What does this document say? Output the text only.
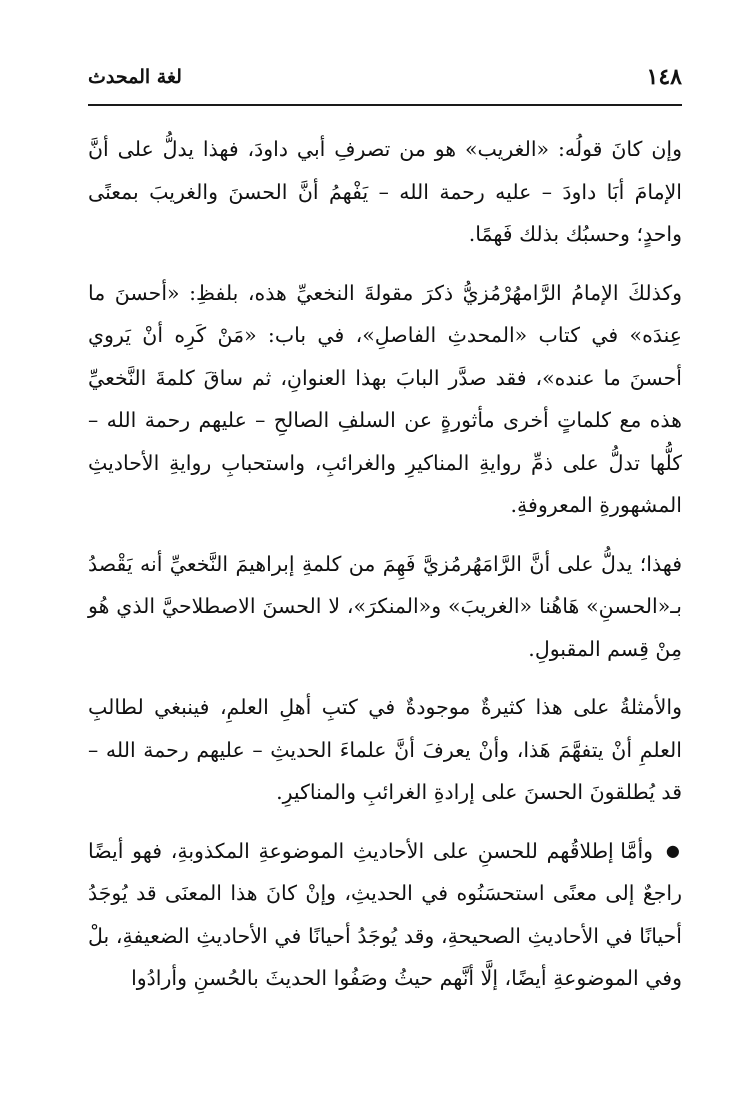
١٤٨
لغة المحدث

وإن كانَ قولُه: «الغريب» هو من تصرفِ أبي داودَ، فهذا يدلُّ على أنَّ الإمامَ أبَا داودَ – عليه رحمة الله – يَفْهمُ أنَّ الحسنَ والغريبَ بمعنًى واحدٍ؛ وحسبُك بذلك فَهمًا.

وكذلكَ الإمامُ الرَّامهُرْمُزيُّ ذكرَ مقولةَ النخعيِّ هذه، بلفظِ: «أحسنَ ما عِندَه» في كتاب «المحدثِ الفاصلِ»، في باب: «مَنْ كَرِه أنْ يَروي أحسنَ ما عنده»، فقد صدَّر البابَ بهذا العنوانِ، ثم ساقَ كلمةَ النَّخعيِّ هذه مع كلماتٍ أخرى مأثورةٍ عن السلفِ الصالحِ – عليهم رحمة الله – كلُّها تدلُّ على ذمِّ روايةِ المناكيرِ والغرائبِ، واستحبابِ روايةِ الأحاديثِ المشهورةِ المعروفةِ.

فهذا؛ يدلُّ على أنَّ الرَّامَهُرمُزيَّ فَهِمَ من كلمةِ إبراهيمَ النَّخعيِّ أنه يَقْصدُ بـ«الحسنِ» هَاهُنا «الغريبَ» و«المنكرَ»، لا الحسنَ الاصطلاحيَّ الذي هُو مِنْ قِسم المقبولِ.

والأمثلةُ على هذا كثيرةٌ موجودةٌ في كتبِ أهلِ العلمِ، فينبغي لطالبِ العلمِ أنْ يتفهَّمَ هَذا، وأنْ يعرفَ أنَّ علماءَ الحديثِ – عليهم رحمة الله – قد يُطلقونَ الحسنَ على إرادةِ الغرائبِ والمناكيرِ.

● وأمَّا إطلاقُهم للحسنِ على الأحاديثِ الموضوعةِ المكذوبةِ، فهو أيضًا راجعٌ إلى معنًى استحسَنُوه في الحديثِ، وإنْ كانَ هذا المعنَى قد يُوجَدُ أحيانًا في الأحاديثِ الصحيحةِ، وقد يُوجَدُ أحيانًا في الأحاديثِ الضعيفةِ، بلْ وفي الموضوعةِ أيضًا، إلَّا أنَّهم حيثُ وصَفُوا الحديثَ بالحُسنِ وأرادُوا
